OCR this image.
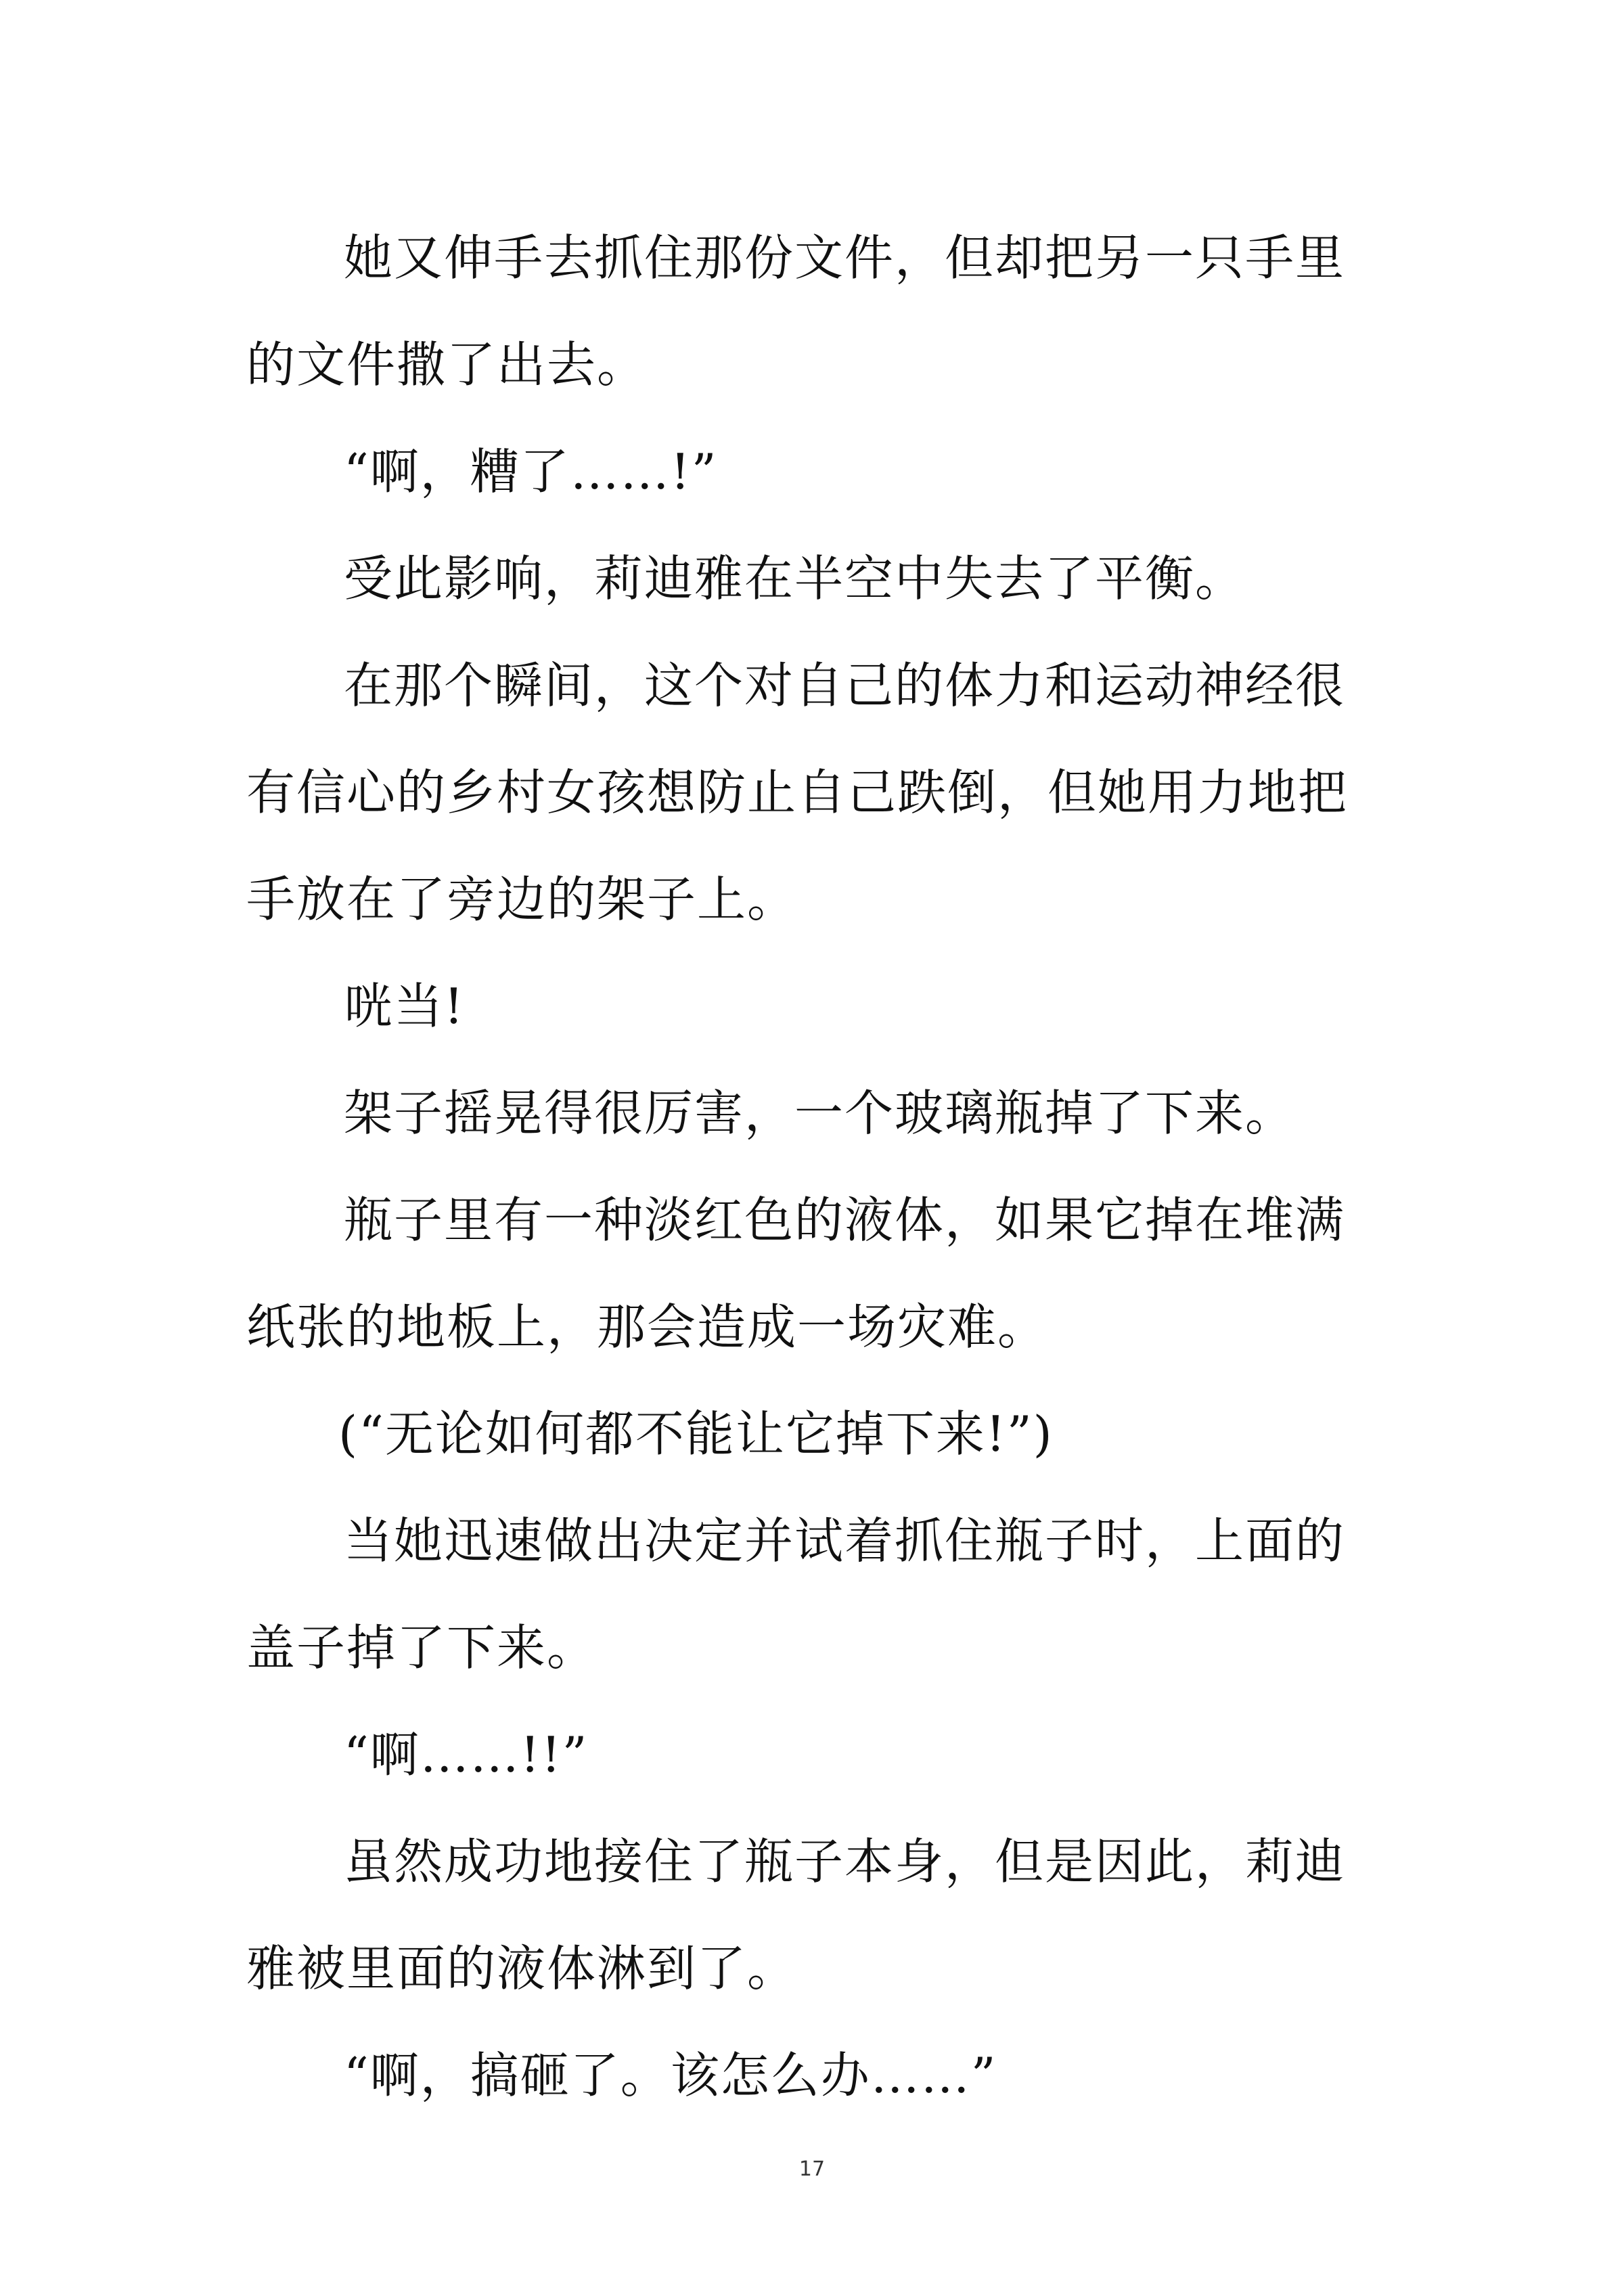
她又伸手去抓住那份文件，但却把另一只手里的文件撒了出去。

“啊，糟了……!”

受此影响，莉迪雅在半空中失去了平衡。

在那个瞬间，这个对自己的体力和运动神经很有信心的乡村女孩想防止自己跌倒，但她用力地把手放在了旁边的架子上。

咣当!

架子摇晃得很厉害，一个玻璃瓶掉了下来。

瓶子里有一种淡红色的液体，如果它掉在堆满纸张的地板上，那会造成一场灾难。

(“无论如何都不能让它掉下来!”)

当她迅速做出决定并试着抓住瓶子时，上面的盖子掉了下来。

“啊……!!”

虽然成功地接住了瓶子本身，但是因此，莉迪雅被里面的液体淋到了。

“啊，搞砸了。该怎么办……”

17
